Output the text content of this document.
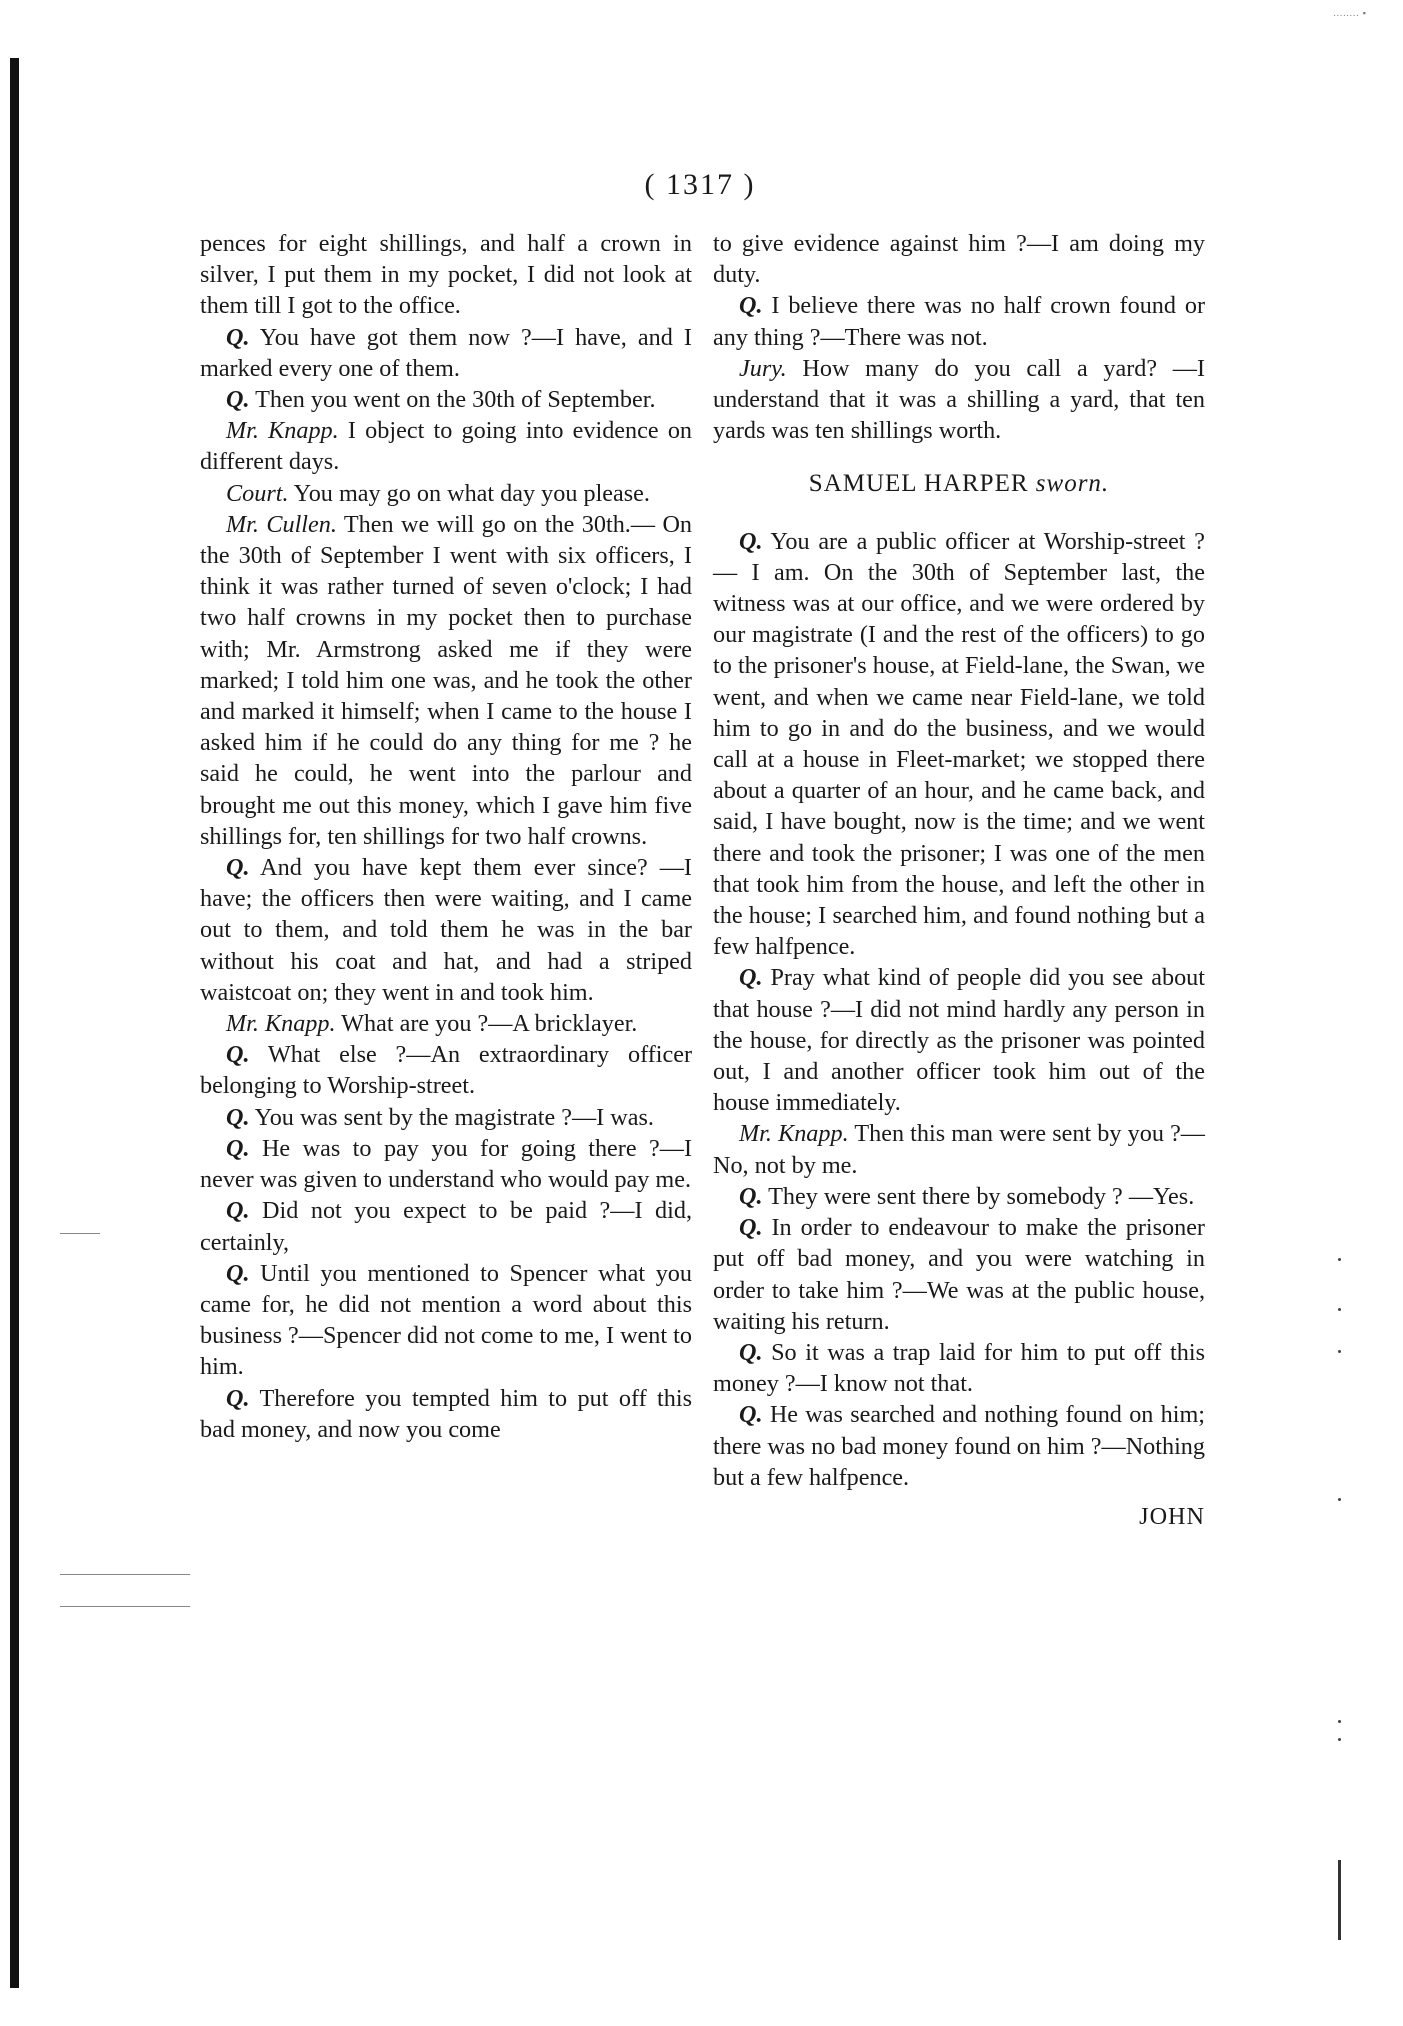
........ ▪
( 1317 )

pences for eight shillings, and half a crown in silver, I put them in my pocket, I did not look at them till I got to the office.

Q. You have got them now ?—I have, and I marked every one of them.

Q. Then you went on the 30th of September.

Mr. Knapp. I object to going into evidence on different days.

Court. You may go on what day you please.

Mr. Cullen. Then we will go on the 30th.— On the 30th of September I went with six officers, I think it was rather turned of seven o'clock; I had two half crowns in my pocket then to purchase with; Mr. Armstrong asked me if they were marked; I told him one was, and he took the other and marked it himself; when I came to the house I asked him if he could do any thing for me ? he said he could, he went into the parlour and brought me out this money, which I gave him five shillings for, ten shillings for two half crowns.

Q. And you have kept them ever since? —I have; the officers then were waiting, and I came out to them, and told them he was in the bar without his coat and hat, and had a striped waistcoat on; they went in and took him.

Mr. Knapp. What are you ?—A bricklayer.

Q. What else ?—An extraordinary officer belonging to Worship-street.

Q. You was sent by the magistrate ?—I was.

Q. He was to pay you for going there ?—I never was given to understand who would pay me.

Q. Did not you expect to be paid ?—I did, certainly,

Q. Until you mentioned to Spencer what you came for, he did not mention a word about this business ?—Spencer did not come to me, I went to him.

Q. Therefore you tempted him to put off this bad money, and now you come

to give evidence against him ?—I am doing my duty.

Q. I believe there was no half crown found or any thing ?—There was not.

Jury. How many do you call a yard? —I understand that it was a shilling a yard, that ten yards was ten shillings worth.

SAMUEL HARPER sworn.

Q. You are a public officer at Worship-street ?— I am. On the 30th of September last, the witness was at our office, and we were ordered by our magistrate (I and the rest of the officers) to go to the prisoner's house, at Field-lane, the Swan, we went, and when we came near Field-lane, we told him to go in and do the business, and we would call at a house in Fleet-market; we stopped there about a quarter of an hour, and he came back, and said, I have bought, now is the time; and we went there and took the prisoner; I was one of the men that took him from the house, and left the other in the house; I searched him, and found nothing but a few halfpence.

Q. Pray what kind of people did you see about that house ?—I did not mind hardly any person in the house, for directly as the prisoner was pointed out, I and another officer took him out of the house immediately.

Mr. Knapp. Then this man were sent by you ?—No, not by me.

Q. They were sent there by somebody ? —Yes.

Q. In order to endeavour to make the prisoner put off bad money, and you were watching in order to take him ?—We was at the public house, waiting his return.

Q. So it was a trap laid for him to put off this money ?—I know not that.

Q. He was searched and nothing found on him; there was no bad money found on him ?—Nothing but a few halfpence.

JOHN
